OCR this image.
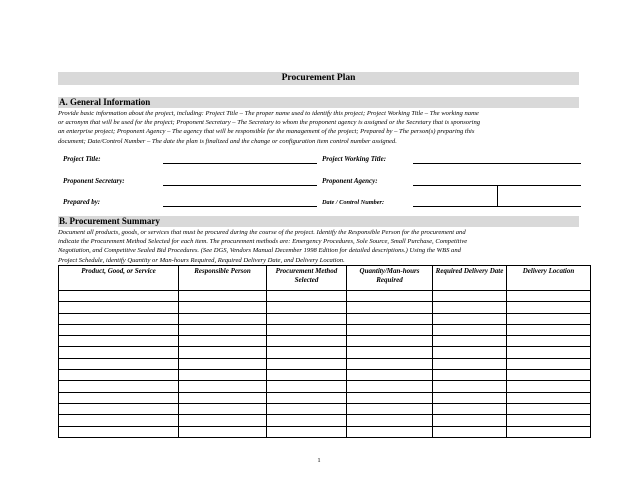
Procurement Plan
A. General Information
Provide basic information about the project, including: Project Title – The proper name used to identify this project; Project Working Title – The working name
or acronym that will be used for the project; Proponent Secretary – The Secretary to whom the proponent agency is assigned or the Secretary that is sponsoring
an enterprise project; Proponent Agency – The agency that will be responsible for the management of the project; Prepared by – The person(s) preparing this
document; Date/Control Number – The date the plan is finalized and the change or configuration item control number assigned.
Project Title:	Project Working Title:
Proponent Secretary:	Proponent Agency:
Prepared by:	Date / Control Number:
B. Procurement Summary
Document all products, goods, or services that must be procured during the course of the project. Identify the Responsible Person for the procurement and
indicate the Procurement Method Selected for each item. The procurement methods are: Emergency Procedures, Sole Source, Small Purchase, Competitive
Negotiation, and Competitive Sealed Bid Procedures. (See DGS, Vendors Manual December 1998 Edition for detailed descriptions.) Using the WBS and
Project Schedule, identify Quantity or Man-hours Required, Required Delivery Date, and Delivery Location.
Product, Good, or Service	Responsible Person	Procurement Method Selected	Quantity/Man-hours Required	Required Delivery Date	Delivery Location

1
